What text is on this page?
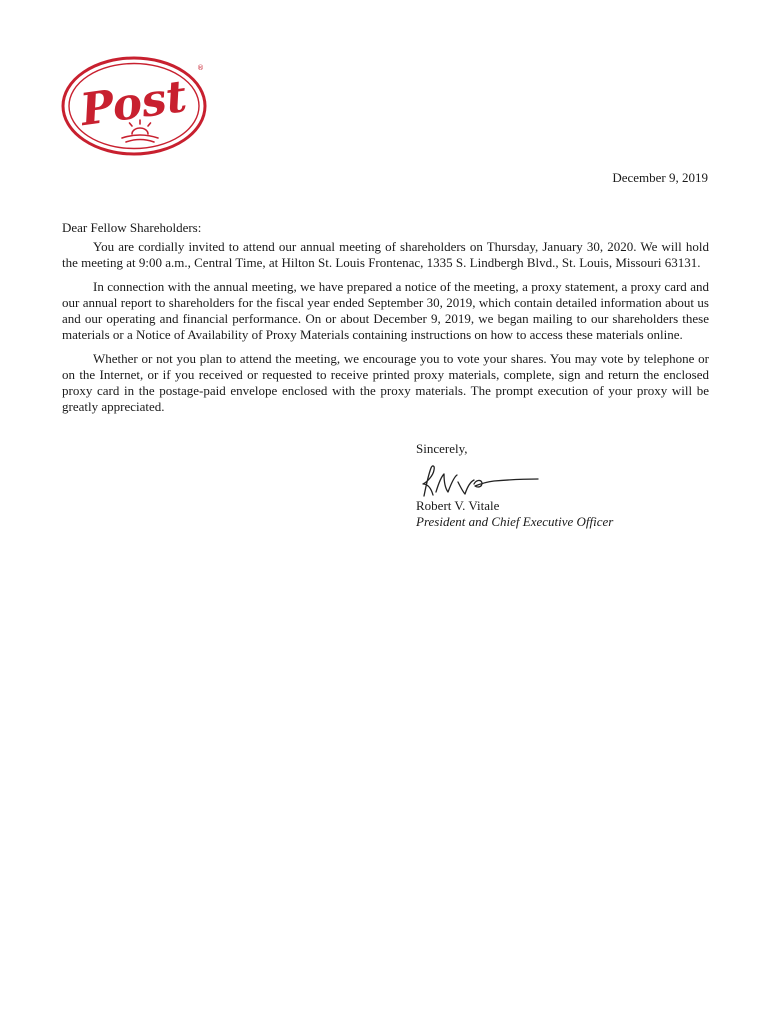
Post
®
December 9, 2019

Dear Fellow Shareholders:

You are cordially invited to attend our annual meeting of shareholders on Thursday, January 30, 2020. We will hold the meeting at 9:00 a.m., Central Time, at Hilton St. Louis Frontenac, 1335 S. Lindbergh Blvd., St. Louis, Missouri 63131.

In connection with the annual meeting, we have prepared a notice of the meeting, a proxy statement, a proxy card and our annual report to shareholders for the fiscal year ended September 30, 2019, which contain detailed information about us and our operating and financial performance. On or about December 9, 2019, we began mailing to our shareholders these materials or a Notice of Availability of Proxy Materials containing instructions on how to access these materials online.

Whether or not you plan to attend the meeting, we encourage you to vote your shares. You may vote by telephone or on the Internet, or if you received or requested to receive printed proxy materials, complete, sign and return the enclosed proxy card in the postage-paid envelope enclosed with the proxy materials. The prompt execution of your proxy will be greatly appreciated.

Sincerely,
Robert V. Vitale
President and Chief Executive Officer
